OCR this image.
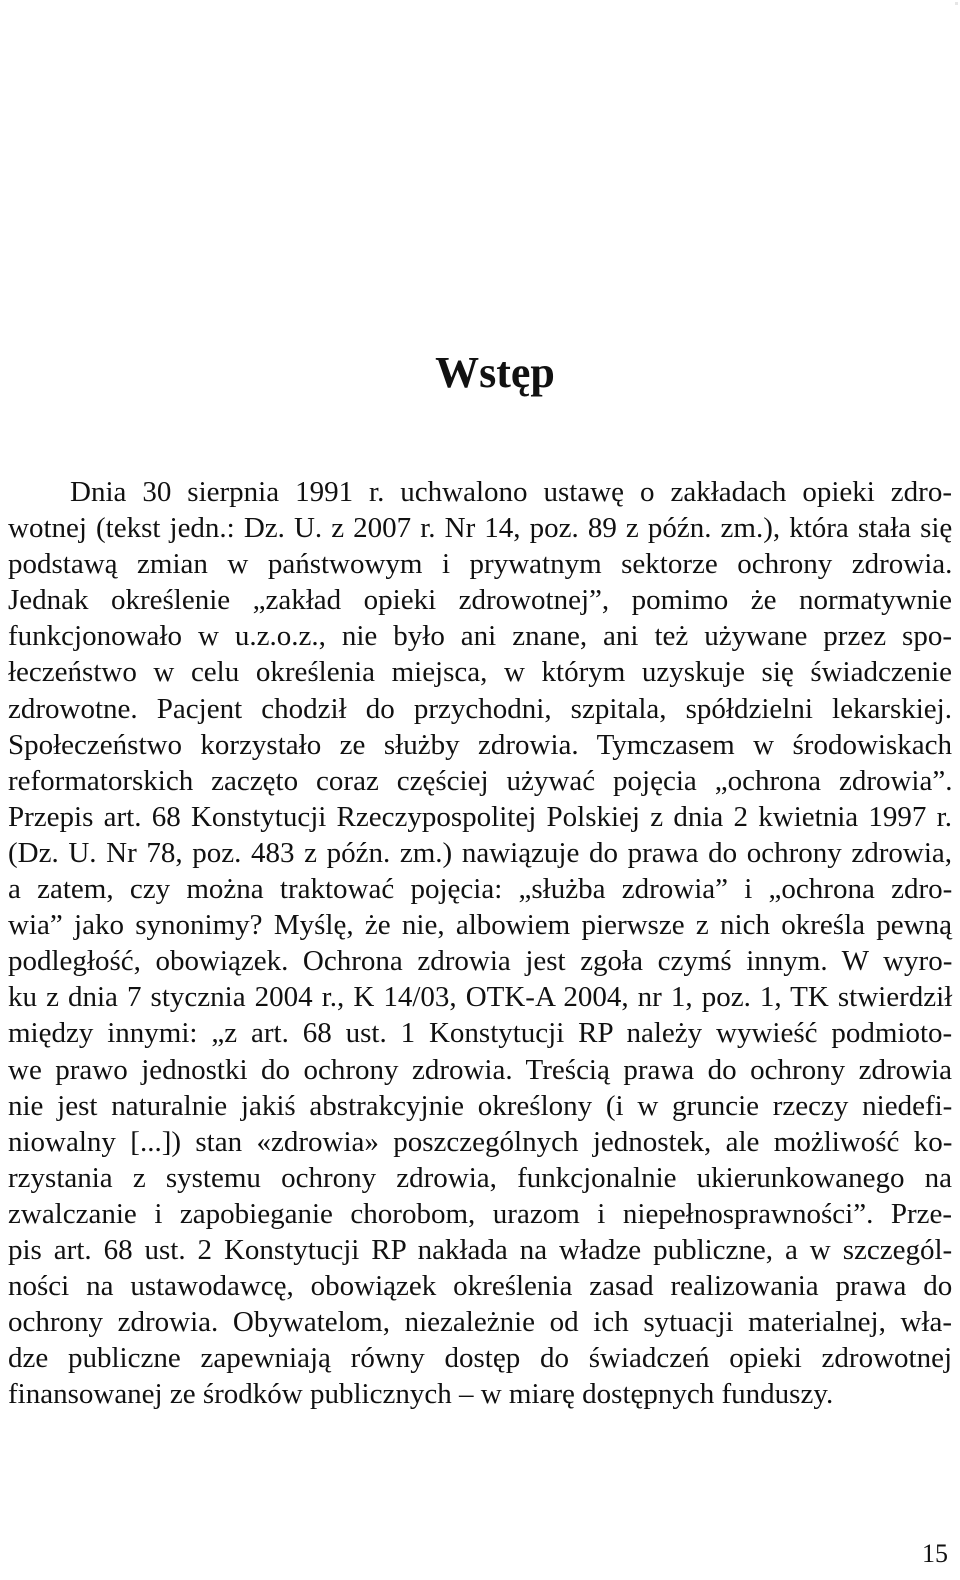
Wstęp

Dnia 30 sierpnia 1991 r. uchwalono ustawę o zakładach opieki zdro-
wotnej (tekst jedn.: Dz. U. z 2007 r. Nr 14, poz. 89 z późn. zm.), która stała się
podstawą zmian w państwowym i prywatnym sektorze ochrony zdrowia.
Jednak określenie „zakład opieki zdrowotnej”, pomimo że normatywnie
funkcjonowało w u.z.o.z., nie było ani znane, ani też używane przez spo-
łeczeństwo w celu określenia miejsca, w którym uzyskuje się świadczenie
zdrowotne. Pacjent chodził do przychodni, szpitala, spółdzielni lekarskiej.
Społeczeństwo korzystało ze służby zdrowia. Tymczasem w środowiskach
reformatorskich zaczęto coraz częściej używać pojęcia „ochrona zdrowia”.
Przepis art. 68 Konstytucji Rzeczypospolitej Polskiej z dnia 2 kwietnia 1997 r.
(Dz. U. Nr 78, poz. 483 z późn. zm.) nawiązuje do prawa do ochrony zdrowia,
a zatem, czy można traktować pojęcia: „służba zdrowia” i „ochrona zdro-
wia” jako synonimy? Myślę, że nie, albowiem pierwsze z nich określa pewną
podległość, obowiązek. Ochrona zdrowia jest zgoła czymś innym. W wyro-
ku z dnia 7 stycznia 2004 r., K 14/03, OTK-A 2004, nr 1, poz. 1, TK stwierdził
między innymi: „z art. 68 ust. 1 Konstytucji RP należy wywieść podmioto-
we prawo jednostki do ochrony zdrowia. Treścią prawa do ochrony zdrowia
nie jest naturalnie jakiś abstrakcyjnie określony (i w gruncie rzeczy niedefi-
niowalny [...]) stan «zdrowia» poszczególnych jednostek, ale możliwość ko-
rzystania z systemu ochrony zdrowia, funkcjonalnie ukierunkowanego na
zwalczanie i zapobieganie chorobom, urazom i niepełnosprawności”. Prze-
pis art. 68 ust. 2 Konstytucji RP nakłada na władze publiczne, a w szczegól-
ności na ustawodawcę, obowiązek określenia zasad realizowania prawa do
ochrony zdrowia. Obywatelom, niezależnie od ich sytuacji materialnej, wła-
dze publiczne zapewniają równy dostęp do świadczeń opieki zdrowotnej
finansowanej ze środków publicznych – w miarę dostępnych funduszy.

15
